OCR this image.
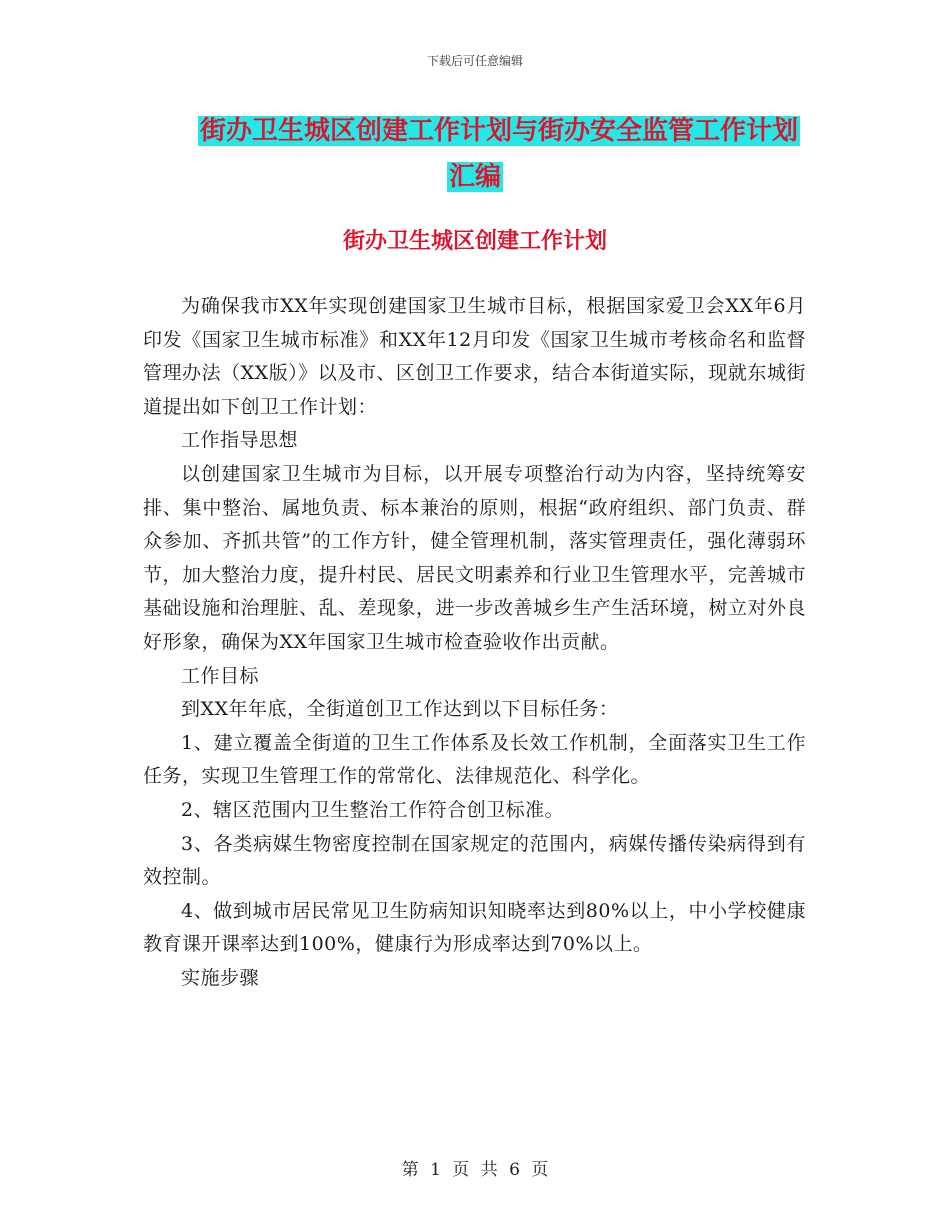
下载后可任意编辑
街办卫生城区创建工作计划与街办安全监管工作计划
汇编
街办卫生城区创建工作计划

为确保我市XX年实现创建国家卫生城市目标，根据国家爱卫会XX年6月印发《国家卫生城市标准》和XX年12月印发《国家卫生城市考核命名和监督管理办法（XX版）》以及市、区创卫工作要求，结合本街道实际，现就东城街道提出如下创卫工作计划：

工作指导思想

以创建国家卫生城市为目标，以开展专项整治行动为内容，坚持统筹安排、集中整治、属地负责、标本兼治的原则，根据“政府组织、部门负责、群众参加、齐抓共管”的工作方针，健全管理机制，落实管理责任，强化薄弱环节，加大整治力度，提升村民、居民文明素养和行业卫生管理水平，完善城市基础设施和治理脏、乱、差现象，进一步改善城乡生产生活环境，树立对外良好形象，确保为XX年国家卫生城市检查验收作出贡献。

工作目标

到XX年年底，全街道创卫工作达到以下目标任务：

1、建立覆盖全街道的卫生工作体系及长效工作机制，全面落实卫生工作任务，实现卫生管理工作的常常化、法律规范化、科学化。

2、辖区范围内卫生整治工作符合创卫标准。

3、各类病媒生物密度控制在国家规定的范围内，病媒传播传染病得到有效控制。

4、做到城市居民常见卫生防病知识知晓率达到80%以上，中小学校健康教育课开课率达到100%，健康行为形成率达到70%以上。

实施步骤

第 1 页 共 6 页
